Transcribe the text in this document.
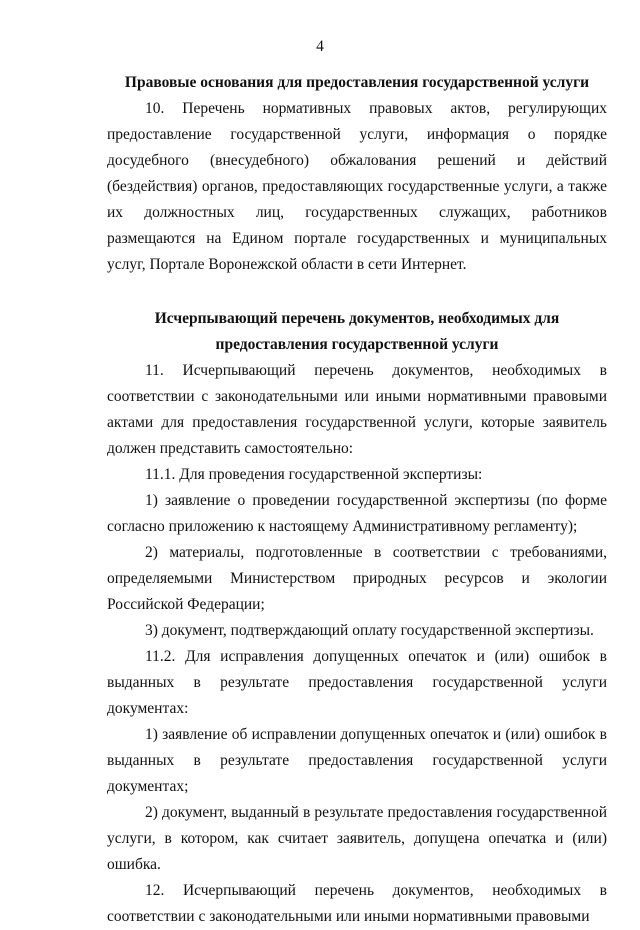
4
Правовые основания для предоставления государственной услуги

10. Перечень нормативных правовых актов, регулирующих предоставление государственной услуги, информация о порядке досудебного (внесудебного) обжалования решений и действий (бездействия) органов, предоставляющих государственные услуги, а также их должностных лиц, государственных служащих, работников размещаются на Едином портале государственных и муниципальных услуг, Портале Воронежской области в сети Интернет.

Исчерпывающий перечень документов, необходимых для
предоставления государственной услуги

11. Исчерпывающий перечень документов, необходимых в соответствии с законодательными или иными нормативными правовыми актами для предоставления государственной услуги, которые заявитель должен представить самостоятельно:

11.1. Для проведения государственной экспертизы:

1) заявление о проведении государственной экспертизы (по форме согласно приложению к настоящему Административному регламенту);

2) материалы, подготовленные в соответствии с требованиями, определяемыми Министерством природных ресурсов и экологии Российской Федерации;

3) документ, подтверждающий оплату государственной экспертизы.

11.2. Для исправления допущенных опечаток и (или) ошибок в выданных в результате предоставления государственной услуги документах:

1) заявление об исправлении допущенных опечаток и (или) ошибок в выданных в результате предоставления государственной услуги документах;

2) документ, выданный в результате предоставления государственной услуги, в котором, как считает заявитель, допущена опечатка и (или) ошибка.

12. Исчерпывающий перечень документов, необходимых в соответствии с законодательными или иными нормативными правовыми
